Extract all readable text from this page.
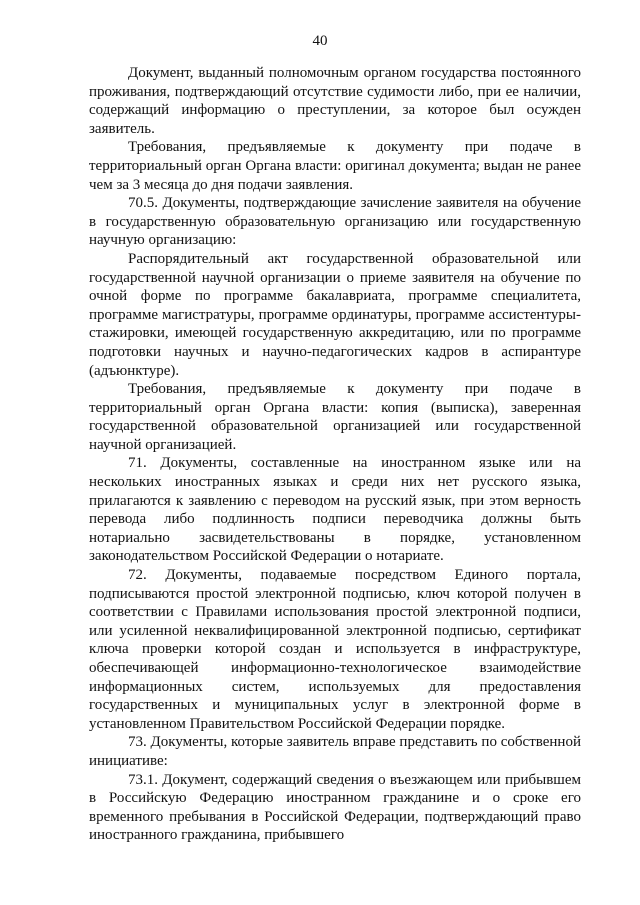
40

Документ, выданный полномочным органом государства постоянного проживания, подтверждающий отсутствие судимости либо, при ее наличии, содержащий информацию о преступлении, за которое был осужден заявитель.

Требования, предъявляемые к документу при подаче в территориальный орган Органа власти: оригинал документа; выдан не ранее чем за 3 месяца до дня подачи заявления.

70.5. Документы, подтверждающие зачисление заявителя на обучение в государственную образовательную организацию или государственную научную организацию:

Распорядительный акт государственной образовательной или государственной научной организации о приеме заявителя на обучение по очной форме по программе бакалавриата, программе специалитета, программе магистратуры, программе ординатуры, программе ассистентуры-стажировки, имеющей государственную аккредитацию, или по программе подготовки научных и научно-педагогических кадров в аспирантуре (адъюнктуре).

Требования, предъявляемые к документу при подаче в территориальный орган Органа власти: копия (выписка), заверенная государственной образовательной организацией или государственной научной организацией.

71. Документы, составленные на иностранном языке или на нескольких иностранных языках и среди них нет русского языка, прилагаются к заявлению с переводом на русский язык, при этом верность перевода либо подлинность подписи переводчика должны быть нотариально засвидетельствованы в порядке, установленном законодательством Российской Федерации о нотариате.

72. Документы, подаваемые посредством Единого портала, подписываются простой электронной подписью, ключ которой получен в соответствии с Правилами использования простой электронной подписи, или усиленной неквалифицированной электронной подписью, сертификат ключа проверки которой создан и используется в инфраструктуре, обеспечивающей информационно-технологическое взаимодействие информационных систем, используемых для предоставления государственных и муниципальных услуг в электронной форме в установленном Правительством Российской Федерации порядке.

73. Документы, которые заявитель вправе представить по собственной инициативе:

73.1. Документ, содержащий сведения о въезжающем или прибывшем в Российскую Федерацию иностранном гражданине и о сроке его временного пребывания в Российской Федерации, подтверждающий право иностранного гражданина, прибывшего
